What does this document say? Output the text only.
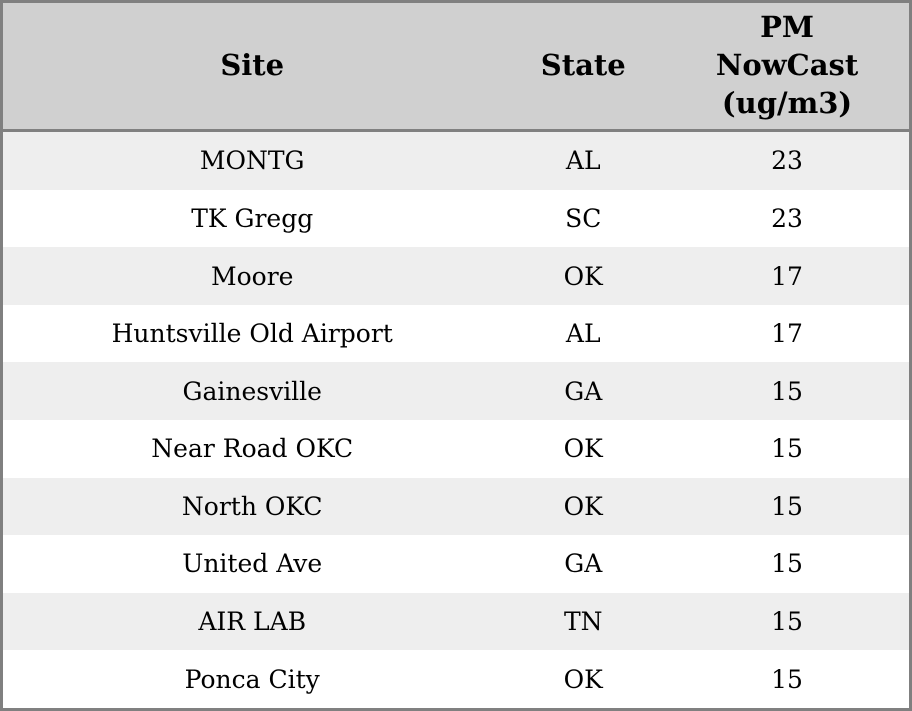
Site	State	PM NowCast (ug/m3)
MONTG	AL	23
TK Gregg	SC	23
Moore	OK	17
Huntsville Old Airport	AL	17
Gainesville	GA	15
Near Road OKC	OK	15
North OKC	OK	15
United Ave	GA	15
AIR LAB	TN	15
Ponca City	OK	15
